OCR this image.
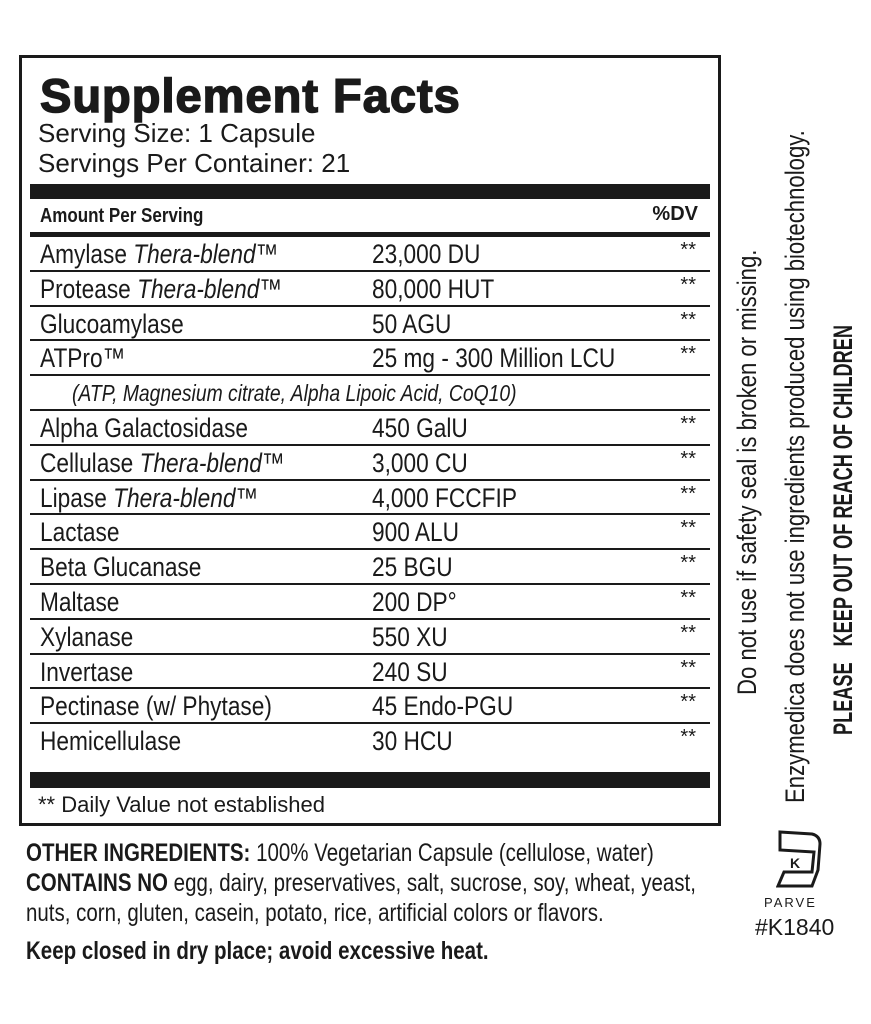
Supplement Facts
Serving Size: 1 Capsule
Servings Per Container: 21
Amount Per Serving	%DV
Amylase Thera-blend™	23,000 DU	**
Protease Thera-blend™	80,000 HUT	**
Glucoamylase	50 AGU	**
ATPro™	25 mg - 300 Million LCU	**
(ATP, Magnesium citrate, Alpha Lipoic Acid, CoQ10)
Alpha Galactosidase	450 GalU	**
Cellulase Thera-blend™	3,000 CU	**
Lipase Thera-blend™	4,000 FCCFIP	**
Lactase	900 ALU	**
Beta Glucanase	25 BGU	**
Maltase	200 DP°	**
Xylanase	550 XU	**
Invertase	240 SU	**
Pectinase (w/ Phytase)	45 Endo-PGU	**
Hemicellulase	30 HCU	**
** Daily Value not established
OTHER INGREDIENTS: 100% Vegetarian Capsule (cellulose, water)
CONTAINS NO egg, dairy, preservatives, salt, sucrose, soy, wheat, yeast,
nuts, corn, gluten, casein, potato, rice, artificial colors or flavors.
Keep closed in dry place; avoid excessive heat.
Do not use if safety seal is broken or missing. Enzymedica does not use ingredients produced using biotechnology. PLEASEKEEP OUT OF REACH OF CHILDREN
K
PARVE
#K1840
